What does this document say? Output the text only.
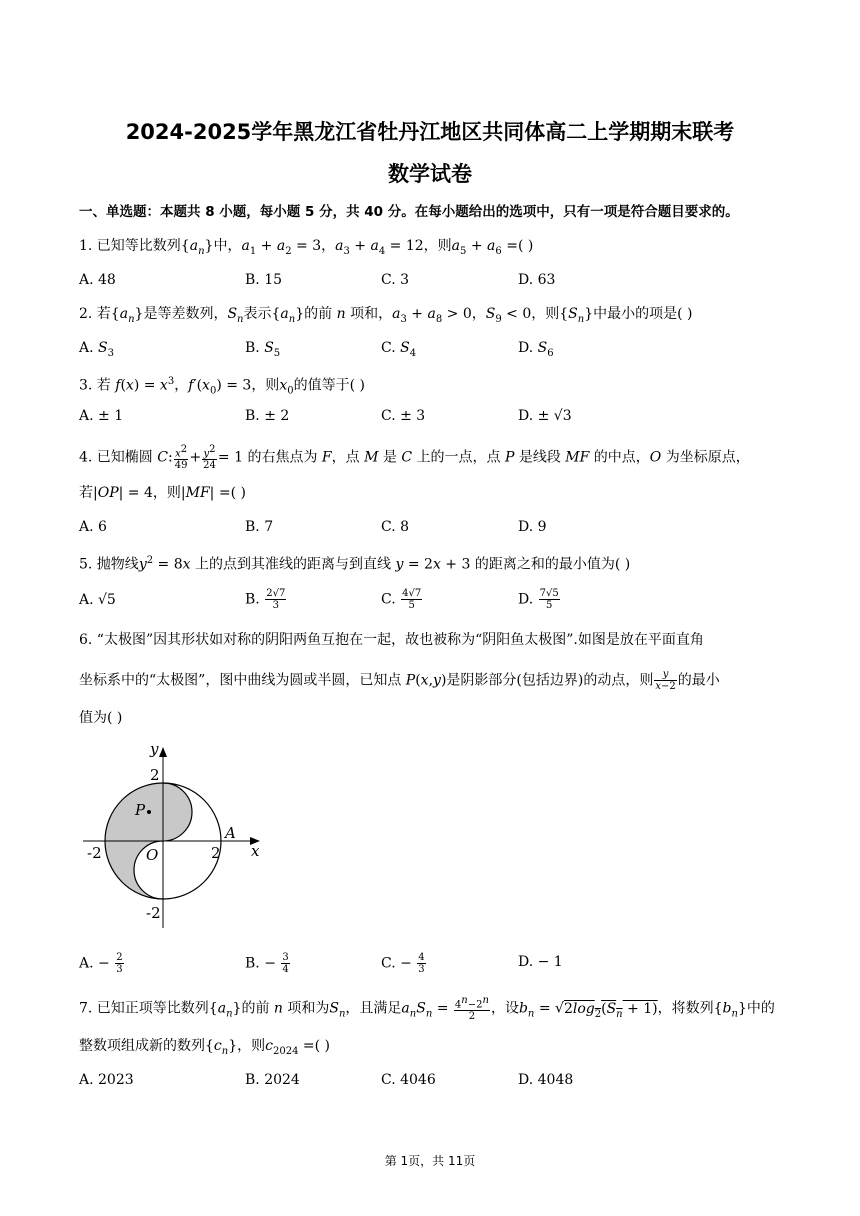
2024-2025学年黑龙江省牡丹江地区共同体高二上学期期末联考
数学试卷
一、单选题：本题共 8 小题，每小题 5 分，共 40 分。在每小题给出的选项中，只有一项是符合题目要求的。
1. 已知等比数列$\{a_n\}$中，$a_1 + a_2 = 3$，$a_3 + a_4 = 12$，则$a_5 + a_6$ =( )
A. 48	B. 15	C. 3	D. 63
2. 若$\{a_n\}$是等差数列，$S_n$表示$\{a_n\}$的前 n 项和，$a_3 + a_8 > 0$，$S_9 < 0$，则$\{S_n\}$中最小的项是( )
A. $S_3$	B. $S_5$	C. $S_4$	D. $S_6$
3. 若 $f(x) = x^3$，$f'(x_0) = 3$，则$x_0$的值等于( )
A. ± 1	B. ± 2	C. ± 3	D. ± √3
4. 已知椭圆 C: $\frac{x^2}{49} + \frac{y^2}{24} = 1$ 的右焦点为 F，点 M 是 C 上的一点，点 P 是线段 MF 的中点，O 为坐标原点，
若|OP| = 4，则|MF| =( )
A. 6	B. 7	C. 8	D. 9
5. 抛物线$y^2 = 8x$ 上的点到其准线的距离与到直线 y = 2x + 3 的距离之和的最小值为( )
A. √5	B. $\frac{2√7}{3}$	C. $\frac{4√7}{5}$	D. $\frac{7√5}{5}$
6. “太极图”因其形状如对称的阴阳两鱼互抱在一起，故也被称为“阴阳鱼太极图”.如图是放在平面直角
坐标系中的“太极图”，图中曲线为圆或半圆，已知点 P(x,y)是阴影部分(包括边界)的动点，则 $\frac{y}{x-2}$ 的最小
值为( )
y
x
O
P
A
2
2
-2
-2
A. − $\frac{2}{3}$	B. − $\frac{3}{4}$	C. − $\frac{4}{3}$	D. − 1
7. 已知正项等比数列$\{a_n\}$的前 n 项和为$S_n$，且满足$a_nS_n = \frac{4^n-2^n}{2}$ ，设$b_n = √2\log_2(S_n + 1)$，将数列$\{b_n\}$中的
整数项组成新的数列$\{c_n\}$，则$c_{2024}$ =( )
A. 2023	B. 2024	C. 4046	D. 4048
第 1页，共 11页
